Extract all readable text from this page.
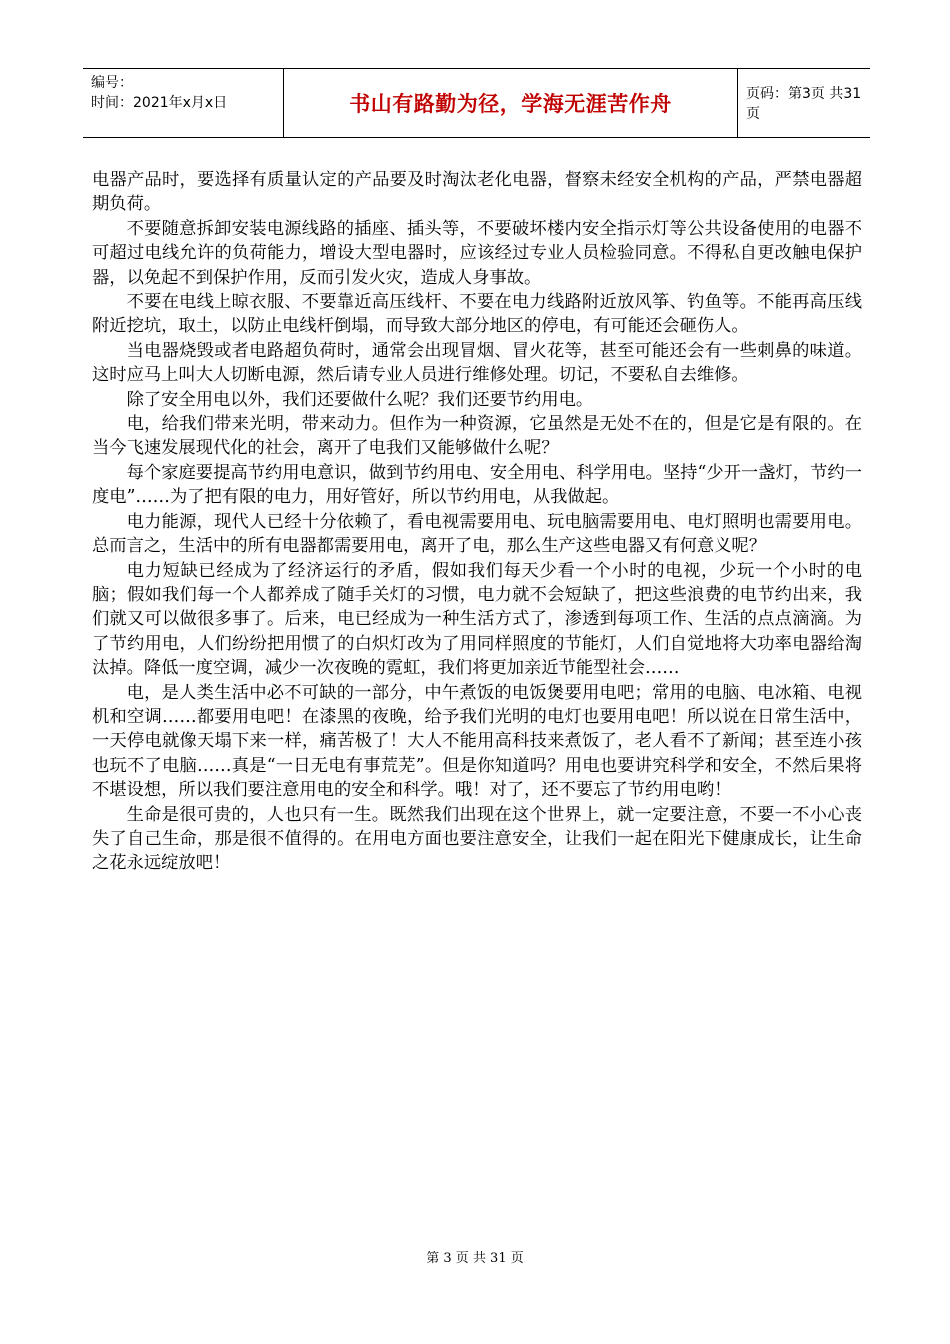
编号：
时间：2021年x月x日	书山有路勤为径，学海无涯苦作舟	页码：第3页 共31页

电器产品时，要选择有质量认定的产品要及时淘汰老化电器，督察未经安全机构的产品，严禁电器超期负荷。

不要随意拆卸安装电源线路的插座、插头等，不要破坏楼内安全指示灯等公共设备使用的电器不可超过电线允许的负荷能力，增设大型电器时，应该经过专业人员检验同意。不得私自更改触电保护器，以免起不到保护作用，反而引发火灾，造成人身事故。

不要在电线上晾衣服、不要靠近高压线杆、不要在电力线路附近放风筝、钓鱼等。不能再高压线附近挖坑，取土，以防止电线杆倒塌，而导致大部分地区的停电，有可能还会砸伤人。

当电器烧毁或者电路超负荷时，通常会出现冒烟、冒火花等，甚至可能还会有一些刺鼻的味道。这时应马上叫大人切断电源，然后请专业人员进行维修处理。切记，不要私自去维修。

除了安全用电以外，我们还要做什么呢？我们还要节约用电。

电，给我们带来光明，带来动力。但作为一种资源，它虽然是无处不在的，但是它是有限的。在当今飞速发展现代化的社会，离开了电我们又能够做什么呢？

每个家庭要提高节约用电意识，做到节约用电、安全用电、科学用电。坚持“少开一盏灯，节约一度电”……为了把有限的电力，用好管好，所以节约用电，从我做起。

电力能源，现代人已经十分依赖了，看电视需要用电、玩电脑需要用电、电灯照明也需要用电。总而言之，生活中的所有电器都需要用电，离开了电，那么生产这些电器又有何意义呢？

电力短缺已经成为了经济运行的矛盾，假如我们每天少看一个小时的电视，少玩一个小时的电脑；假如我们每一个人都养成了随手关灯的习惯，电力就不会短缺了，把这些浪费的电节约出来，我们就又可以做很多事了。后来，电已经成为一种生活方式了，渗透到每项工作、生活的点点滴滴。为了节约用电，人们纷纷把用惯了的白炽灯改为了用同样照度的节能灯，人们自觉地将大功率电器给淘汰掉。降低一度空调，减少一次夜晚的霓虹，我们将更加亲近节能型社会……

电，是人类生活中必不可缺的一部分，中午煮饭的电饭煲要用电吧；常用的电脑、电冰箱、电视机和空调……都要用电吧！在漆黑的夜晚，给予我们光明的电灯也要用电吧！所以说在日常生活中，一天停电就像天塌下来一样，痛苦极了！大人不能用高科技来煮饭了，老人看不了新闻；甚至连小孩也玩不了电脑……真是“一日无电有事荒芜”。但是你知道吗？用电也要讲究科学和安全，不然后果将不堪设想，所以我们要注意用电的安全和科学。哦！对了，还不要忘了节约用电哟！

生命是很可贵的，人也只有一生。既然我们出现在这个世界上，就一定要注意，不要一不小心丧失了自己生命，那是很不值得的。在用电方面也要注意安全，让我们一起在阳光下健康成长，让生命之花永远绽放吧！

第 3 页 共 31 页
